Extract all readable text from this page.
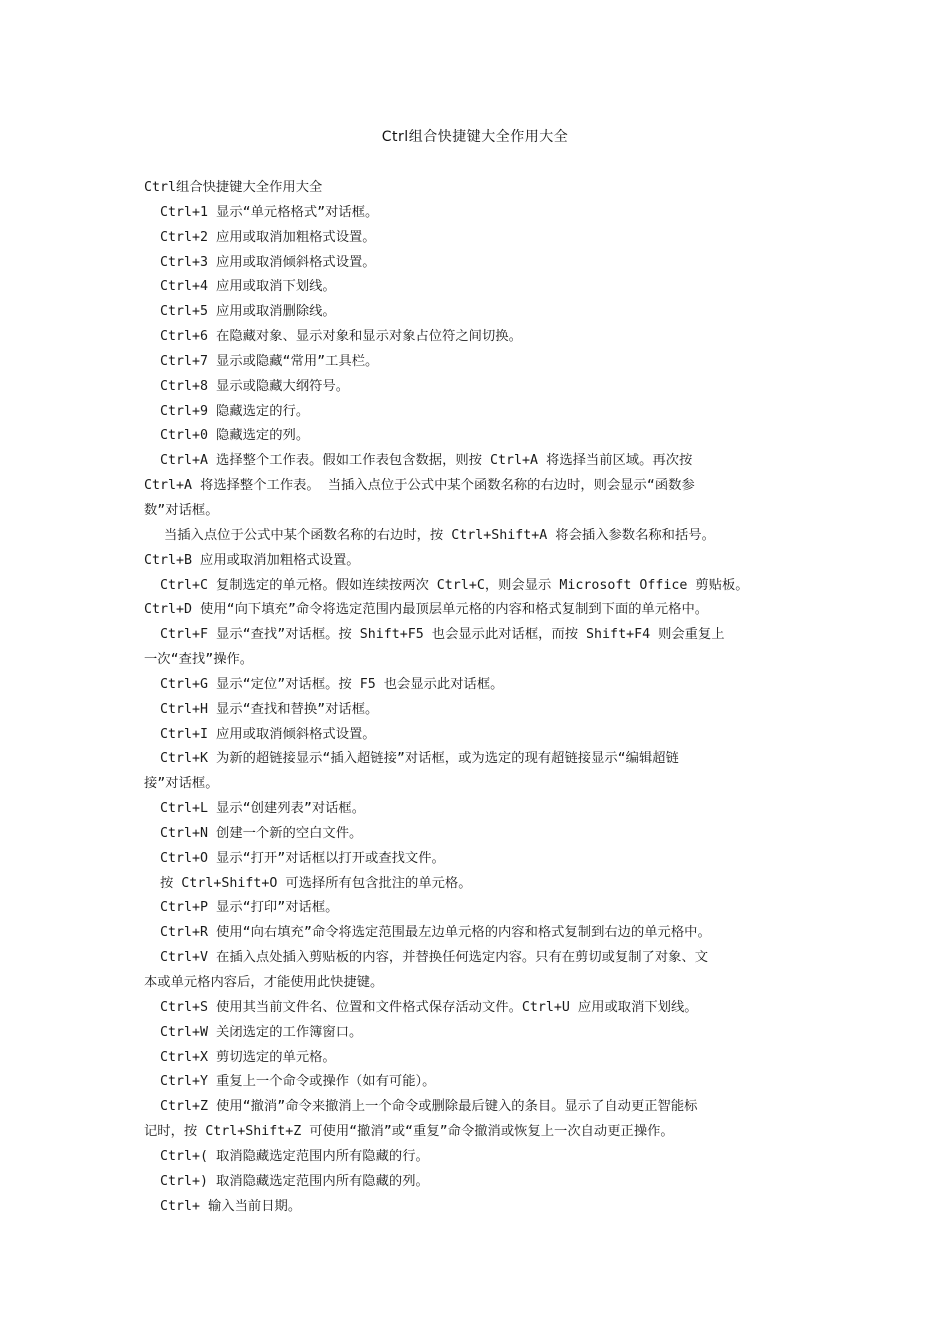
Ctrl组合快捷键大全作用大全
Ctrl组合快捷键大全作用大全
Ctrl+1 显示“单元格格式”对话框。
Ctrl+2 应用或取消加粗格式设置。
Ctrl+3 应用或取消倾斜格式设置。
Ctrl+4 应用或取消下划线。
Ctrl+5 应用或取消删除线。
Ctrl+6 在隐藏对象、显示对象和显示对象占位符之间切换。
Ctrl+7 显示或隐藏“常用”工具栏。
Ctrl+8 显示或隐藏大纲符号。
Ctrl+9 隐藏选定的行。
Ctrl+0 隐藏选定的列。
Ctrl+A 选择整个工作表。假如工作表包含数据，则按 Ctrl+A 将选择当前区域。再次按
Ctrl+A 将选择整个工作表。 当插入点位于公式中某个函数名称的右边时，则会显示“函数参
数”对话框。
当插入点位于公式中某个函数名称的右边时，按 Ctrl+Shift+A 将会插入参数名称和括号。
Ctrl+B 应用或取消加粗格式设置。
Ctrl+C 复制选定的单元格。假如连续按两次 Ctrl+C，则会显示 Microsoft Office 剪贴板。
Ctrl+D 使用“向下填充”命令将选定范围内最顶层单元格的内容和格式复制到下面的单元格中。
Ctrl+F 显示“查找”对话框。按 Shift+F5 也会显示此对话框，而按 Shift+F4 则会重复上
一次“查找”操作。
Ctrl+G 显示“定位”对话框。按 F5 也会显示此对话框。
Ctrl+H 显示“查找和替换”对话框。
Ctrl+I 应用或取消倾斜格式设置。
Ctrl+K 为新的超链接显示“插入超链接”对话框，或为选定的现有超链接显示“编辑超链
接”对话框。
Ctrl+L 显示“创建列表”对话框。
Ctrl+N 创建一个新的空白文件。
Ctrl+O 显示“打开”对话框以打开或查找文件。
按 Ctrl+Shift+O 可选择所有包含批注的单元格。
Ctrl+P 显示“打印”对话框。
Ctrl+R 使用“向右填充”命令将选定范围最左边单元格的内容和格式复制到右边的单元格中。
Ctrl+V 在插入点处插入剪贴板的内容，并替换任何选定内容。只有在剪切或复制了对象、文
本或单元格内容后，才能使用此快捷键。
Ctrl+S 使用其当前文件名、位置和文件格式保存活动文件。Ctrl+U 应用或取消下划线。
Ctrl+W 关闭选定的工作簿窗口。
Ctrl+X 剪切选定的单元格。
Ctrl+Y 重复上一个命令或操作（如有可能）。
Ctrl+Z 使用“撤消”命令来撤消上一个命令或删除最后键入的条目。显示了自动更正智能标
记时，按 Ctrl+Shift+Z 可使用“撤消”或“重复”命令撤消或恢复上一次自动更正操作。
Ctrl+( 取消隐藏选定范围内所有隐藏的行。
Ctrl+) 取消隐藏选定范围内所有隐藏的列。
Ctrl+ 输入当前日期。
